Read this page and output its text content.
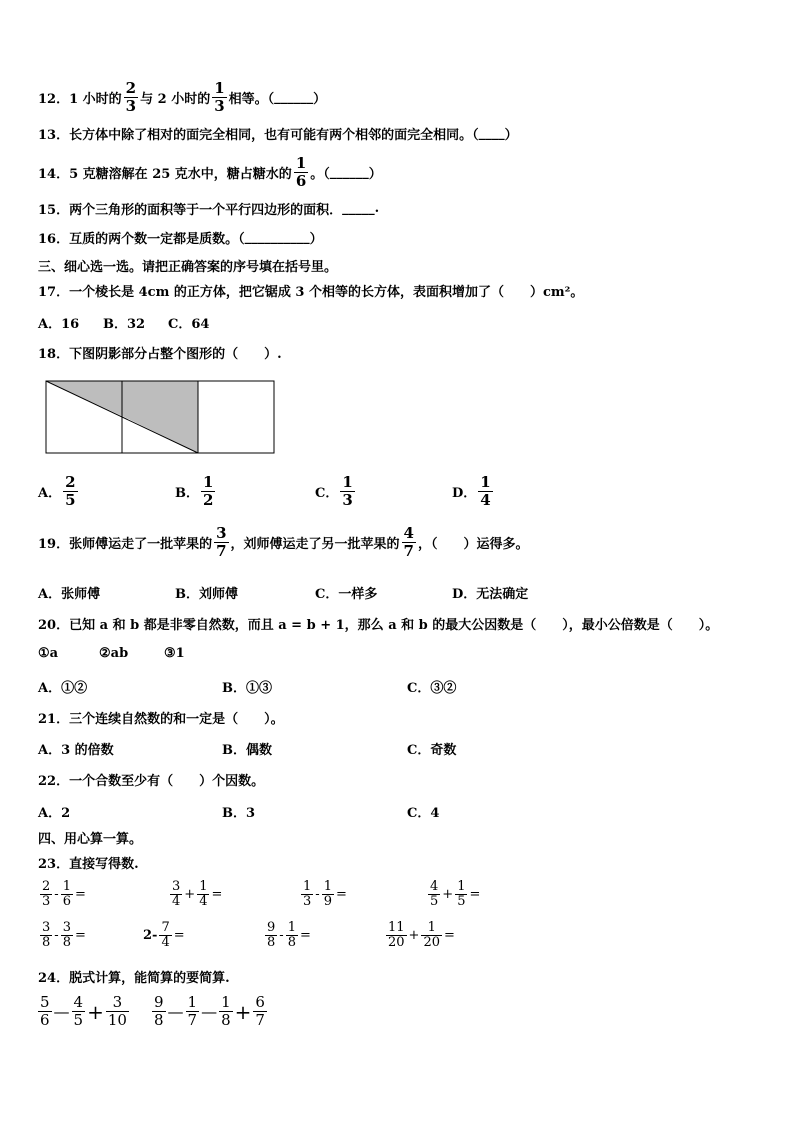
12．1 小时的 $\frac{2}{3}$ 与 2 小时的 $\frac{1}{3}$ 相等。（ ______ ）
13．长方体中除了相对的面完全相同，也有可能有两个相邻的面完全相同。（ ____ ）
14．5 克糖溶解在 25 克水中，糖占糖水的 $\frac{1}{6}$ 。（ ______ ）
15．两个三角形的面积等于一个平行四边形的面积． _____ .
16．互质的两个数一定都是质数。（ __________ ）
三、细心选一选。请把正确答案的序号填在括号里。
17．一个棱长是 4cm 的正方体，把它锯成 3 个相等的长方体，表面积增加了（　　）cm²。
A．16 B．32 C．64
18．下图阴影部分占整个图形的（　　）.
A． $\frac{2}{5}$	B． $\frac{1}{2}$	C． $\frac{1}{3}$	D． $\frac{1}{4}$
19．张师傅运走了一批苹果的 $\frac{3}{7}$ ，刘师傅运走了另一批苹果的 $\frac{4}{7}$ ，（　　）运得多。
A．张师傅	B．刘师傅	C．一样多	D．无法确定
20．已知 a 和 b 都是非零自然数，而且 a = b + 1，那么 a 和 b 的最大公因数是（　　），最小公倍数是（　　）。
①a	②ab	③1
A．①②	B．①③	C．③②
21．三个连续自然数的和一定是（　　）。
A．3 的倍数	B．偶数	C．奇数
22．一个合数至少有（　　）个因数。
A．2	B．3	C．4
四、用心算一算。
23．直接写得数.
$\frac{2}{3} - \frac{1}{6}$ =	$\frac{3}{4} + \frac{1}{4}$ =	$\frac{1}{3} - \frac{1}{9}$ =	$\frac{4}{5} + \frac{1}{5}$ =
$\frac{3}{8} - \frac{3}{8}$ =	$2- \frac{7}{4}$ =	$\frac{9}{8} - \frac{1}{8}$ =	$\frac{11}{20} + \frac{1}{20}$ =
24．脱式计算，能简算的要简算.
$\frac{5}{6}$ — $\frac{4}{5} + \frac{3}{10} \frac{9}{8}$ — $\frac{1}{7}$ — $\frac{1}{8} + \frac{6}{7}$
